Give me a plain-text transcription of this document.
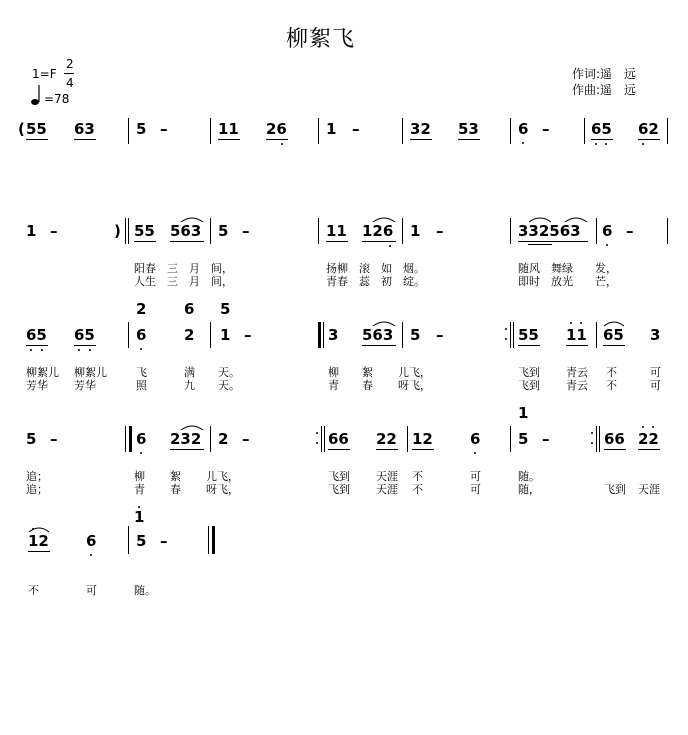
柳絮飞
1=F
2
4
=78
作词:遥　远
作曲:遥　远
( 55 63	5 –	11 26	1 –	32 53	6 –	65 62
1 –	) 55 563 5 –	11 126 1 –	332563 6 –
阳春　三　月　间，	扬柳　滚　如　烟。	随风　舞绿　　发，
人生　三　月　间，	青春　蕊　初　绽。	即时　放光　　芒，
2	6 5
65 65	6	2 1 –	3 563 5 –	55 11 65 3
柳絮儿 柳絮儿	飞	满 天。	柳 絮 儿飞，	飞到 青云 不	可
芳华 芳华	照	九 天。	青 春 呀飞，	飞到 青云 不	可
1
5 –	6 232 2 –	66 22 12 6	5 –	66 22
追；	柳 絮 儿飞，	飞到 天涯 不	可	随。
追；	青 春 呀飞，	飞到 天涯 不	可	随，	飞到 天涯
1
12 6	5 –
不	可	随。
